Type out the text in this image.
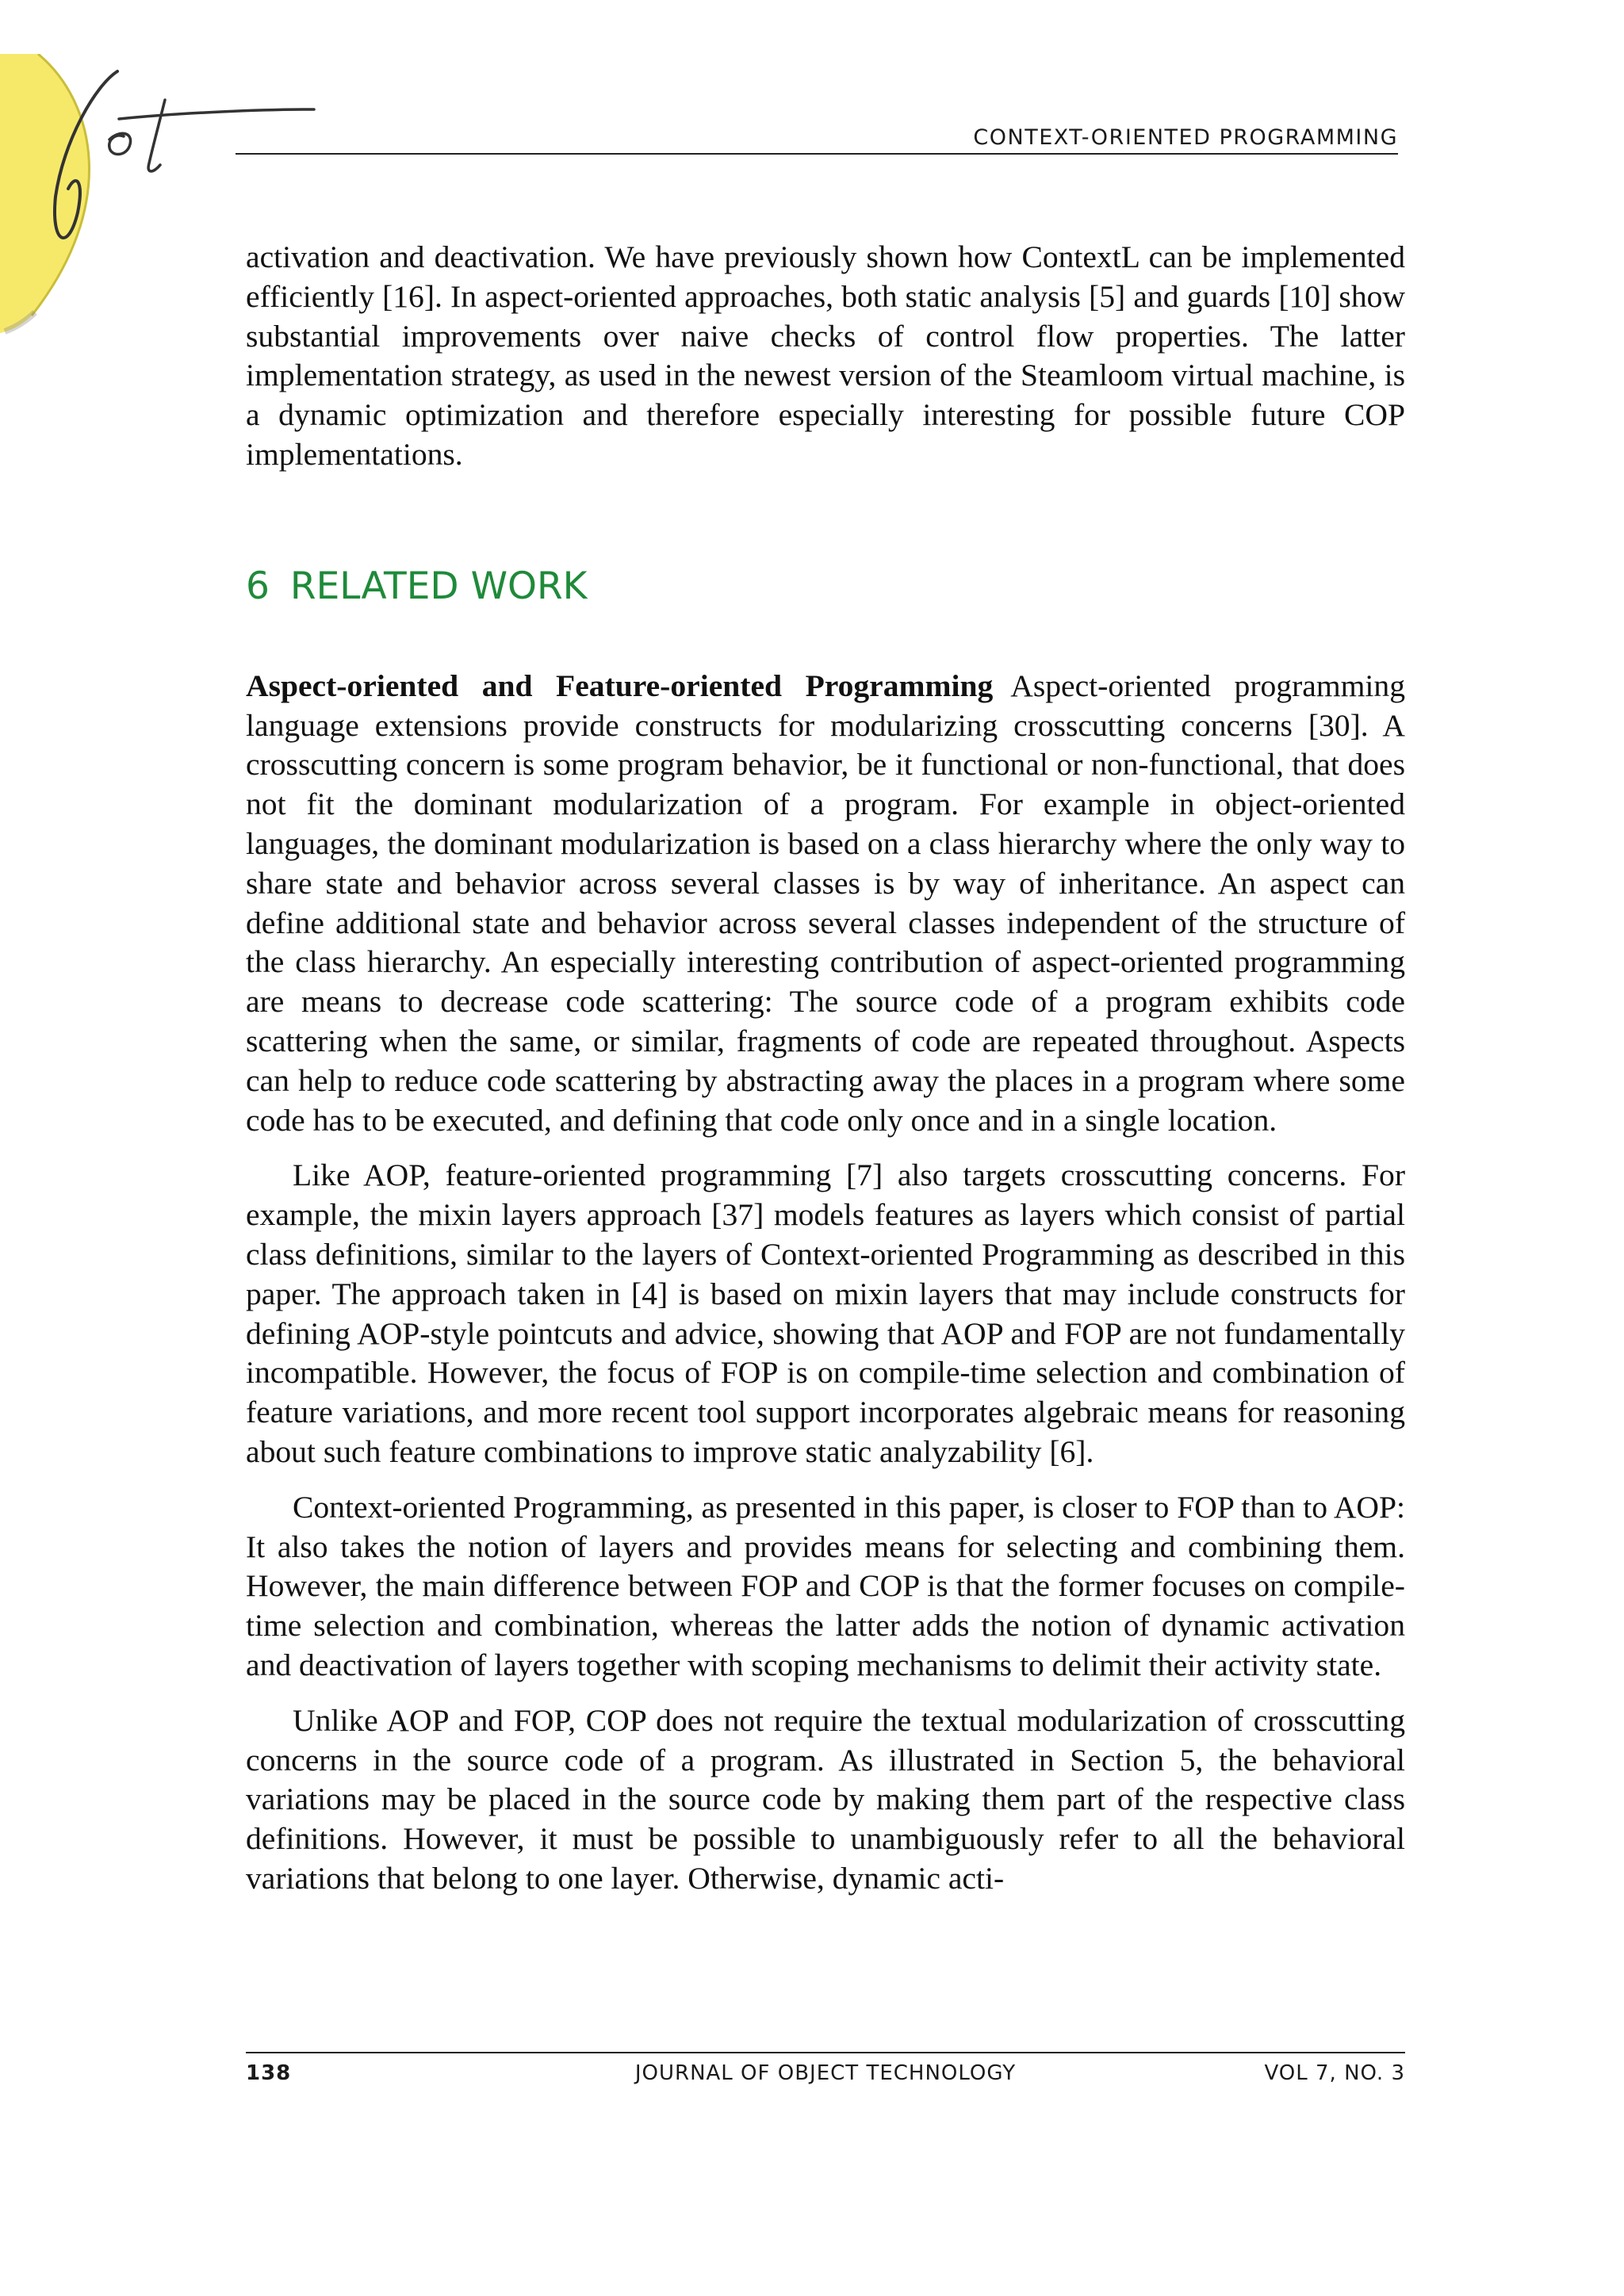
CONTEXT-ORIENTED PROGRAMMING

activation and deactivation. We have previously shown how ContextL can be implemented efficiently [16]. In aspect-oriented approaches, both static analysis [5] and guards [10] show substantial improvements over naive checks of control flow properties. The latter implementation strategy, as used in the newest version of the Steamloom virtual machine, is a dynamic optimization and therefore especially interesting for possible future COP implementations.

6 RELATED WORK

Aspect-oriented and Feature-oriented Programming Aspect-oriented programming language extensions provide constructs for modularizing crosscutting concerns [30]. A crosscutting concern is some program behavior, be it functional or non-functional, that does not fit the dominant modularization of a program. For example in object-oriented languages, the dominant modularization is based on a class hierarchy where the only way to share state and behavior across several classes is by way of inheritance. An aspect can define additional state and behavior across several classes independent of the structure of the class hierarchy. An especially interesting contribution of aspect-oriented programming are means to decrease code scattering: The source code of a program exhibits code scattering when the same, or similar, fragments of code are repeated throughout. Aspects can help to reduce code scattering by abstracting away the places in a program where some code has to be executed, and defining that code only once and in a single location.

Like AOP, feature-oriented programming [7] also targets crosscutting concerns. For example, the mixin layers approach [37] models features as layers which consist of partial class definitions, similar to the layers of Context-oriented Programming as described in this paper. The approach taken in [4] is based on mixin layers that may include constructs for defining AOP-style pointcuts and advice, showing that AOP and FOP are not fundamentally incompatible. However, the focus of FOP is on compile-time selection and combination of feature variations, and more recent tool support incorporates algebraic means for reasoning about such feature combinations to improve static analyzability [6].

Context-oriented Programming, as presented in this paper, is closer to FOP than to AOP: It also takes the notion of layers and provides means for selecting and combining them. However, the main difference between FOP and COP is that the former focuses on compile-time selection and combination, whereas the latter adds the notion of dynamic activation and deactivation of layers together with scoping mechanisms to delimit their activity state.

Unlike AOP and FOP, COP does not require the textual modularization of crosscutting concerns in the source code of a program. As illustrated in Section 5, the behavioral variations may be placed in the source code by making them part of the respective class definitions. However, it must be possible to unambiguously refer to all the behavioral variations that belong to one layer. Otherwise, dynamic acti-

138	JOURNAL OF OBJECT TECHNOLOGY	VOL 7, NO. 3
